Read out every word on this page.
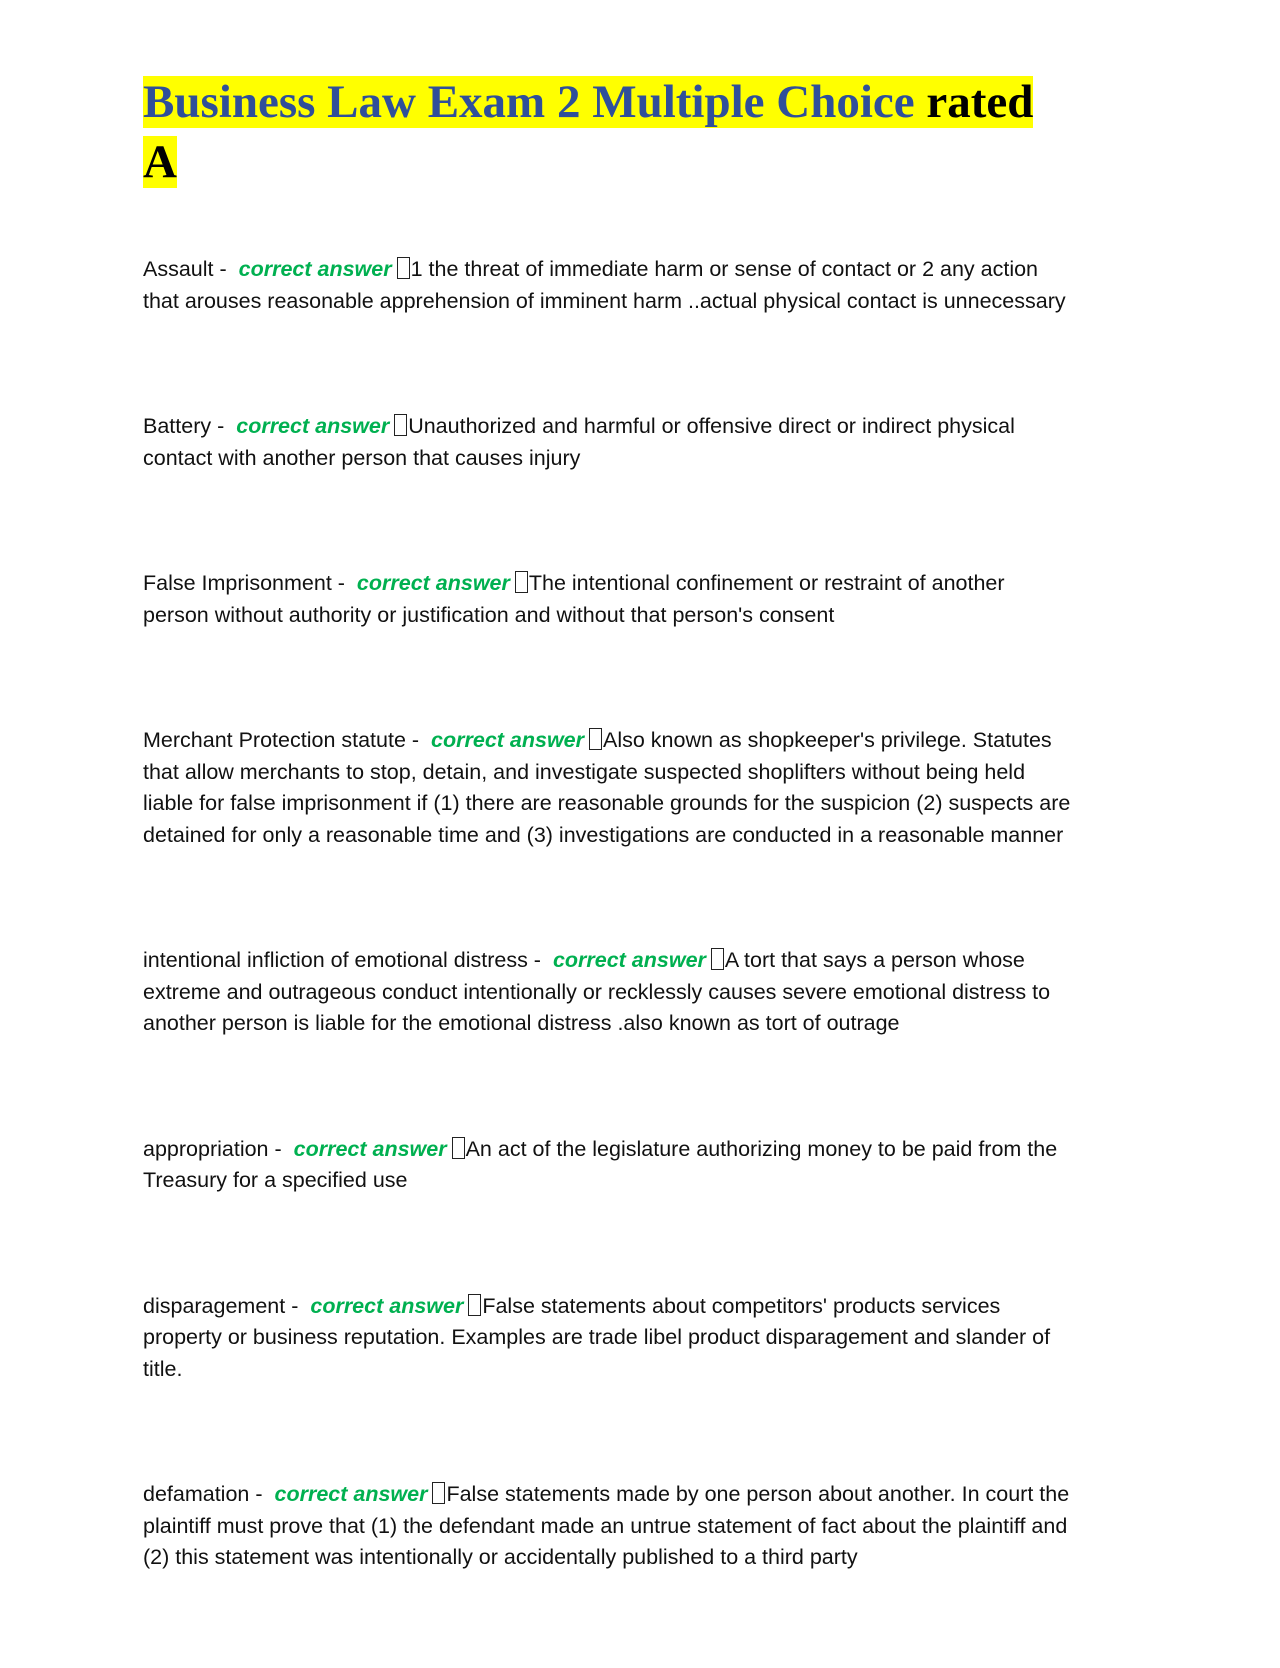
Business Law Exam 2 Multiple Choice rated A

Assault - correct answer 1 the threat of immediate harm or sense of contact or 2 any action that arouses reasonable apprehension of imminent harm ..actual physical contact is unnecessary

Battery - correct answer Unauthorized and harmful or offensive direct or indirect physical contact with another person that causes injury

False Imprisonment - correct answer The intentional confinement or restraint of another person without authority or justification and without that person's consent

Merchant Protection statute - correct answer Also known as shopkeeper's privilege. Statutes that allow merchants to stop, detain, and investigate suspected shoplifters without being held liable for false imprisonment if (1) there are reasonable grounds for the suspicion (2) suspects are detained for only a reasonable time and (3) investigations are conducted in a reasonable manner

intentional infliction of emotional distress - correct answer A tort that says a person whose extreme and outrageous conduct intentionally or recklessly causes severe emotional distress to another person is liable for the emotional distress .also known as tort of outrage

appropriation - correct answer An act of the legislature authorizing money to be paid from the Treasury for a specified use

disparagement - correct answer False statements about competitors' products services property or business reputation. Examples are trade libel product disparagement and slander of title.

defamation - correct answer False statements made by one person about another. In court the plaintiff must prove that (1) the defendant made an untrue statement of fact about the plaintiff and (2) this statement was intentionally or accidentally published to a third party
